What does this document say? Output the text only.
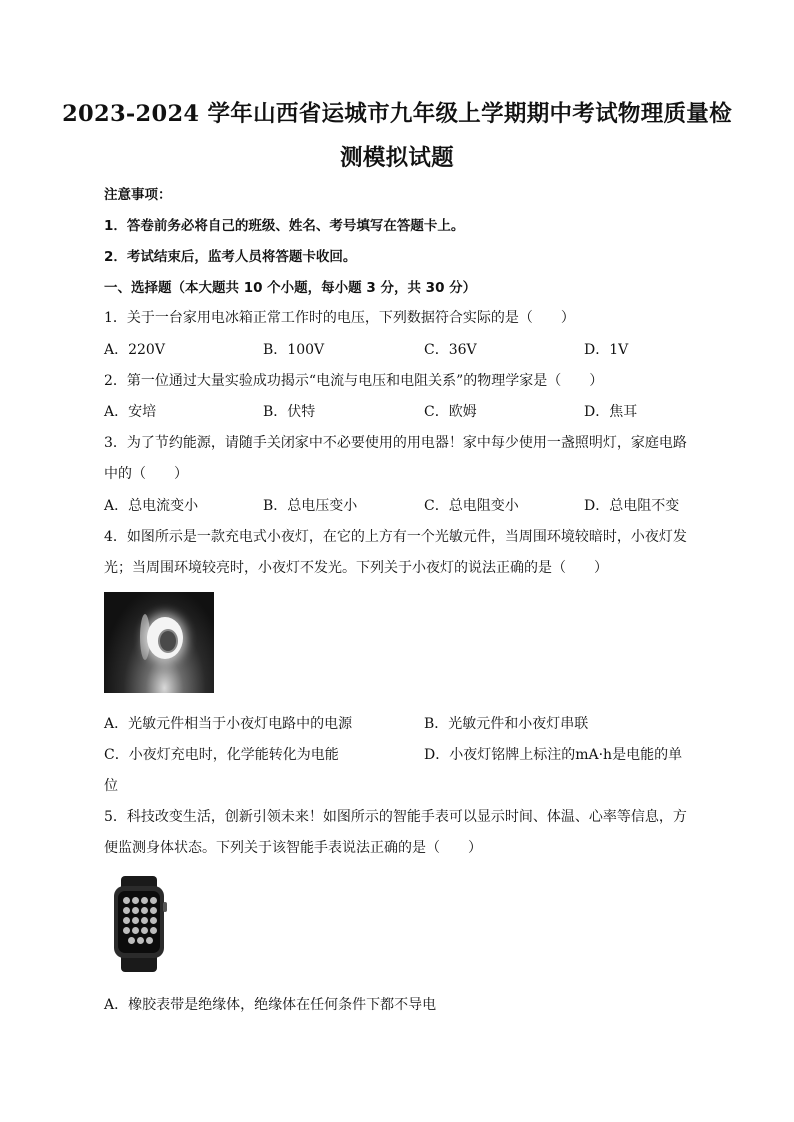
2023-2024 学年山西省运城市九年级上学期期中考试物理质量检
测模拟试题
注意事项：
1．答卷前务必将自己的班级、姓名、考号填写在答题卡上。
2．考试结束后，监考人员将答题卡收回。
一、选择题（本大题共 10 个小题，每小题 3 分，共 30 分）
1．关于一台家用电冰箱正常工作时的电压，下列数据符合实际的是（　　）
A．220V	B．100V	C．36V	D．1V
2．第一位通过大量实验成功揭示“电流与电压和电阻关系”的物理学家是（　　）
A．安培	B．伏特	C．欧姆	D．焦耳
3．为了节约能源，请随手关闭家中不必要使用的用电器！家中每少使用一盏照明灯，家庭电路
中的（　　）
A．总电流变小	B．总电压变小	C．总电阻变小	D．总电阻不变
4．如图所示是一款充电式小夜灯，在它的上方有一个光敏元件，当周围环境较暗时，小夜灯发
光；当周围环境较亮时，小夜灯不发光。下列关于小夜灯的说法正确的是（　　）
A．光敏元件相当于小夜灯电路中的电源	B．光敏元件和小夜灯串联
C．小夜灯充电时，化学能转化为电能	D．小夜灯铭牌上标注的mA·h是电能的单
位
5．科技改变生活，创新引领未来！如图所示的智能手表可以显示时间、体温、心率等信息，方
便监测身体状态。下列关于该智能手表说法正确的是（　　）
A．橡胶表带是绝缘体，绝缘体在任何条件下都不导电
